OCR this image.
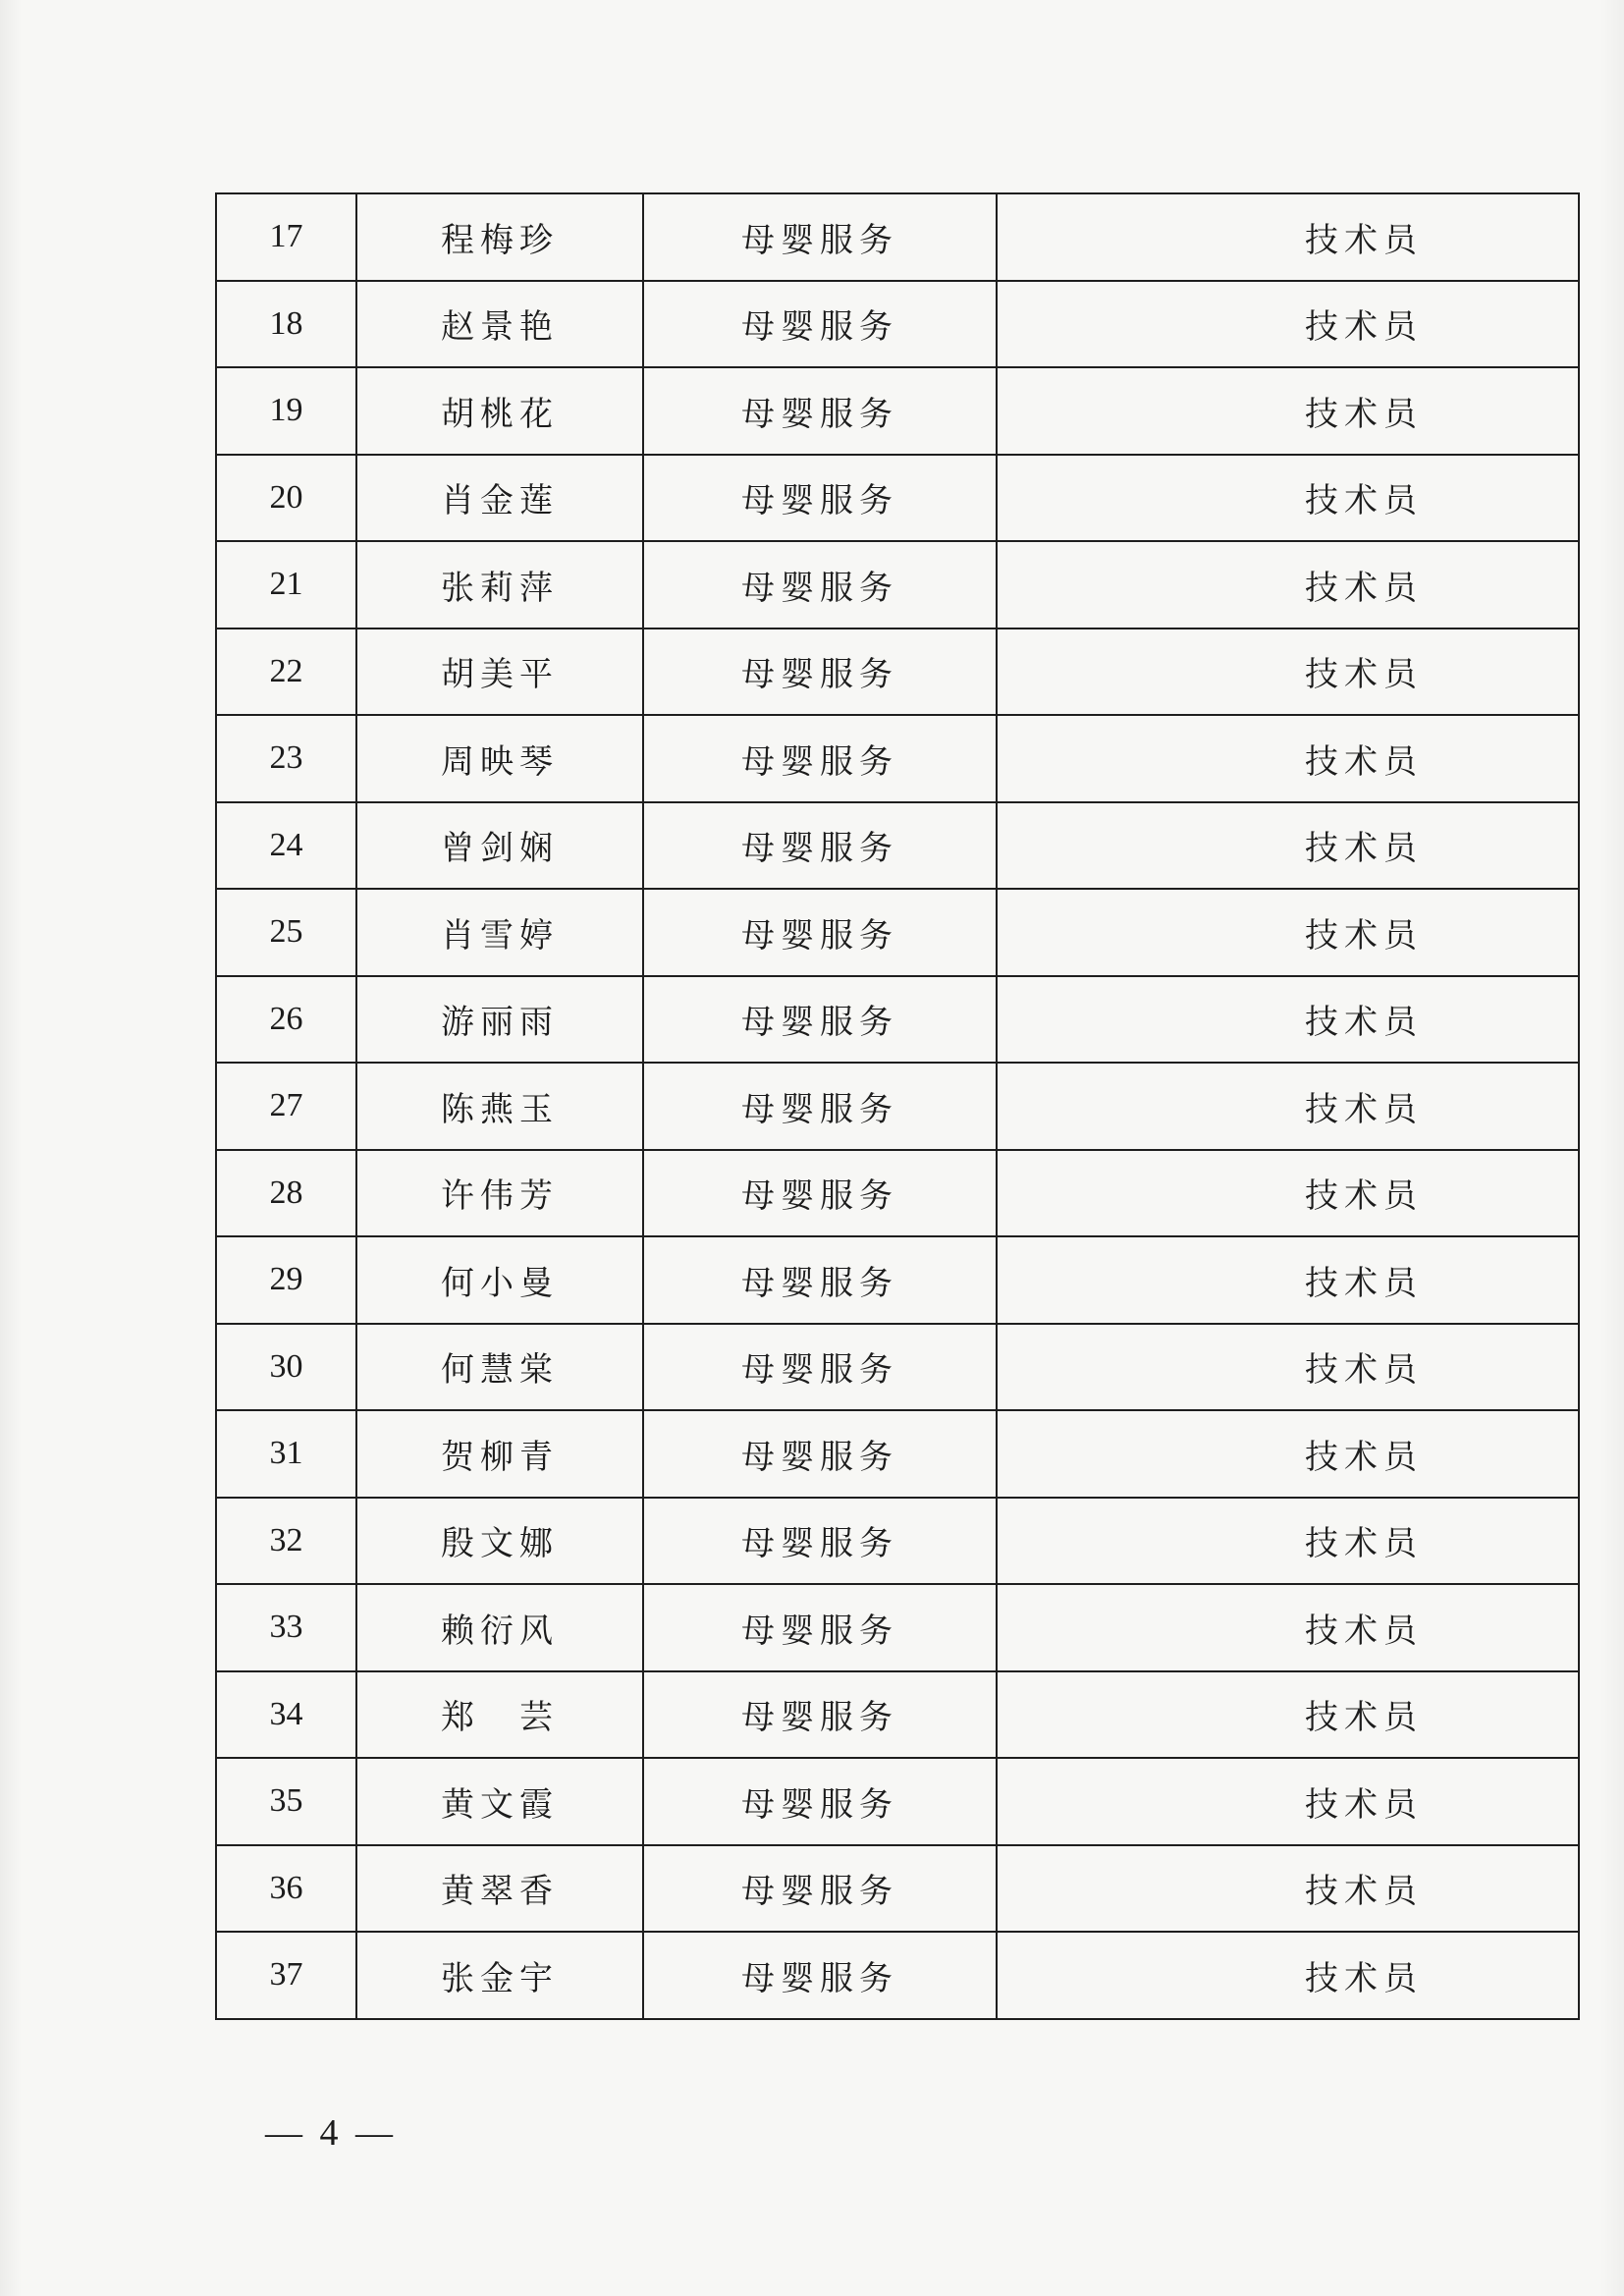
17	程梅珍	母婴服务	技术员
18	赵景艳	母婴服务	技术员
19	胡桃花	母婴服务	技术员
20	肖金莲	母婴服务	技术员
21	张莉萍	母婴服务	技术员
22	胡美平	母婴服务	技术员
23	周映琴	母婴服务	技术员
24	曾剑娴	母婴服务	技术员
25	肖雪婷	母婴服务	技术员
26	游丽雨	母婴服务	技术员
27	陈燕玉	母婴服务	技术员
28	许伟芳	母婴服务	技术员
29	何小曼	母婴服务	技术员
30	何慧棠	母婴服务	技术员
31	贺柳青	母婴服务	技术员
32	殷文娜	母婴服务	技术员
33	赖衍风	母婴服务	技术员
34	郑　芸	母婴服务	技术员
35	黄文霞	母婴服务	技术员
36	黄翠香	母婴服务	技术员
37	张金宇	母婴服务	技术员
— 4 —
